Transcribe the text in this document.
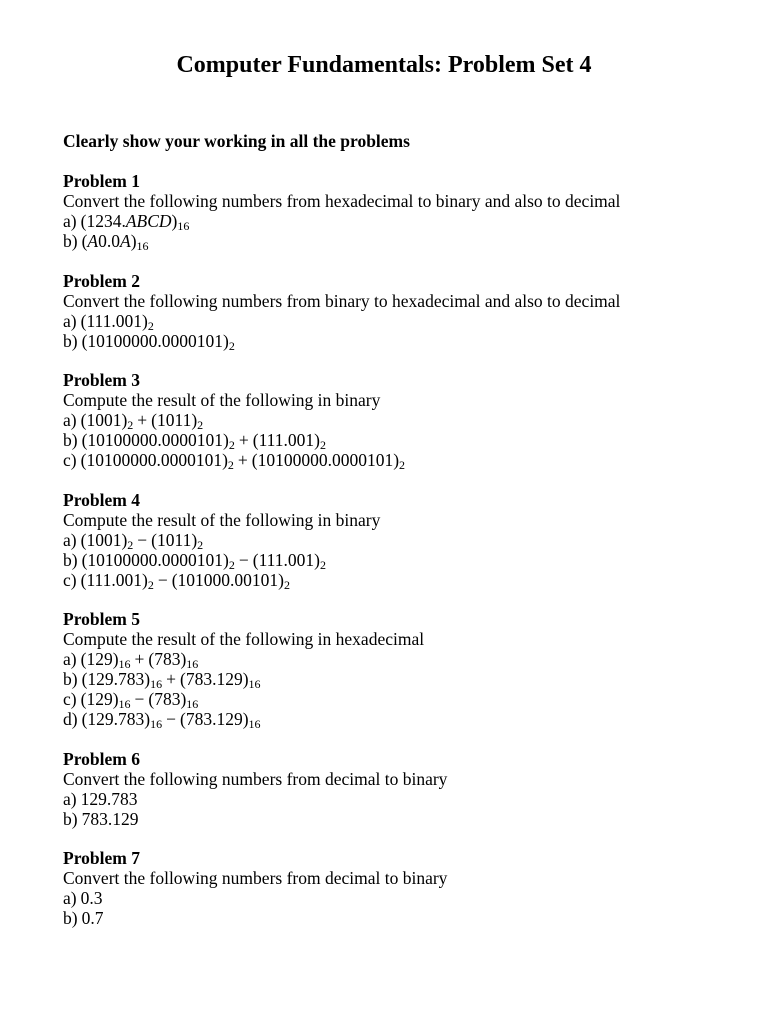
Computer Fundamentals: Problem Set 4

Clearly show your working in all the problems

Problem 1

Convert the following numbers from hexadecimal to binary and also to decimal

a) $(1234.ABCD)_{16}$

b) $(A0.0A)_{16}$

Problem 2

Convert the following numbers from binary to hexadecimal and also to decimal

a) $(111.001)_2$

b) $(10100000.0000101)_2$

Problem 3

Compute the result of the following in binary

a) $(1001)_2 + (1011)_2$

b) $(10100000.0000101)_2 + (111.001)_2$

c) $(10100000.0000101)_2 + (10100000.0000101)_2$

Problem 4

Compute the result of the following in binary

a) $(1001)_2 - (1011)_2$

b) $(10100000.0000101)_2 - (111.001)_2$

c) $(111.001)_2 - (101000.00101)_2$

Problem 5

Compute the result of the following in hexadecimal

a) $(129)_{16} + (783)_{16}$

b) $(129.783)_{16} + (783.129)_{16}$

c) $(129)_{16} - (783)_{16}$

d) $(129.783)_{16} - (783.129)_{16}$

Problem 6

Convert the following numbers from decimal to binary

a) 129.783

b) 783.129

Problem 7

Convert the following numbers from decimal to binary

a) 0.3

b) 0.7
